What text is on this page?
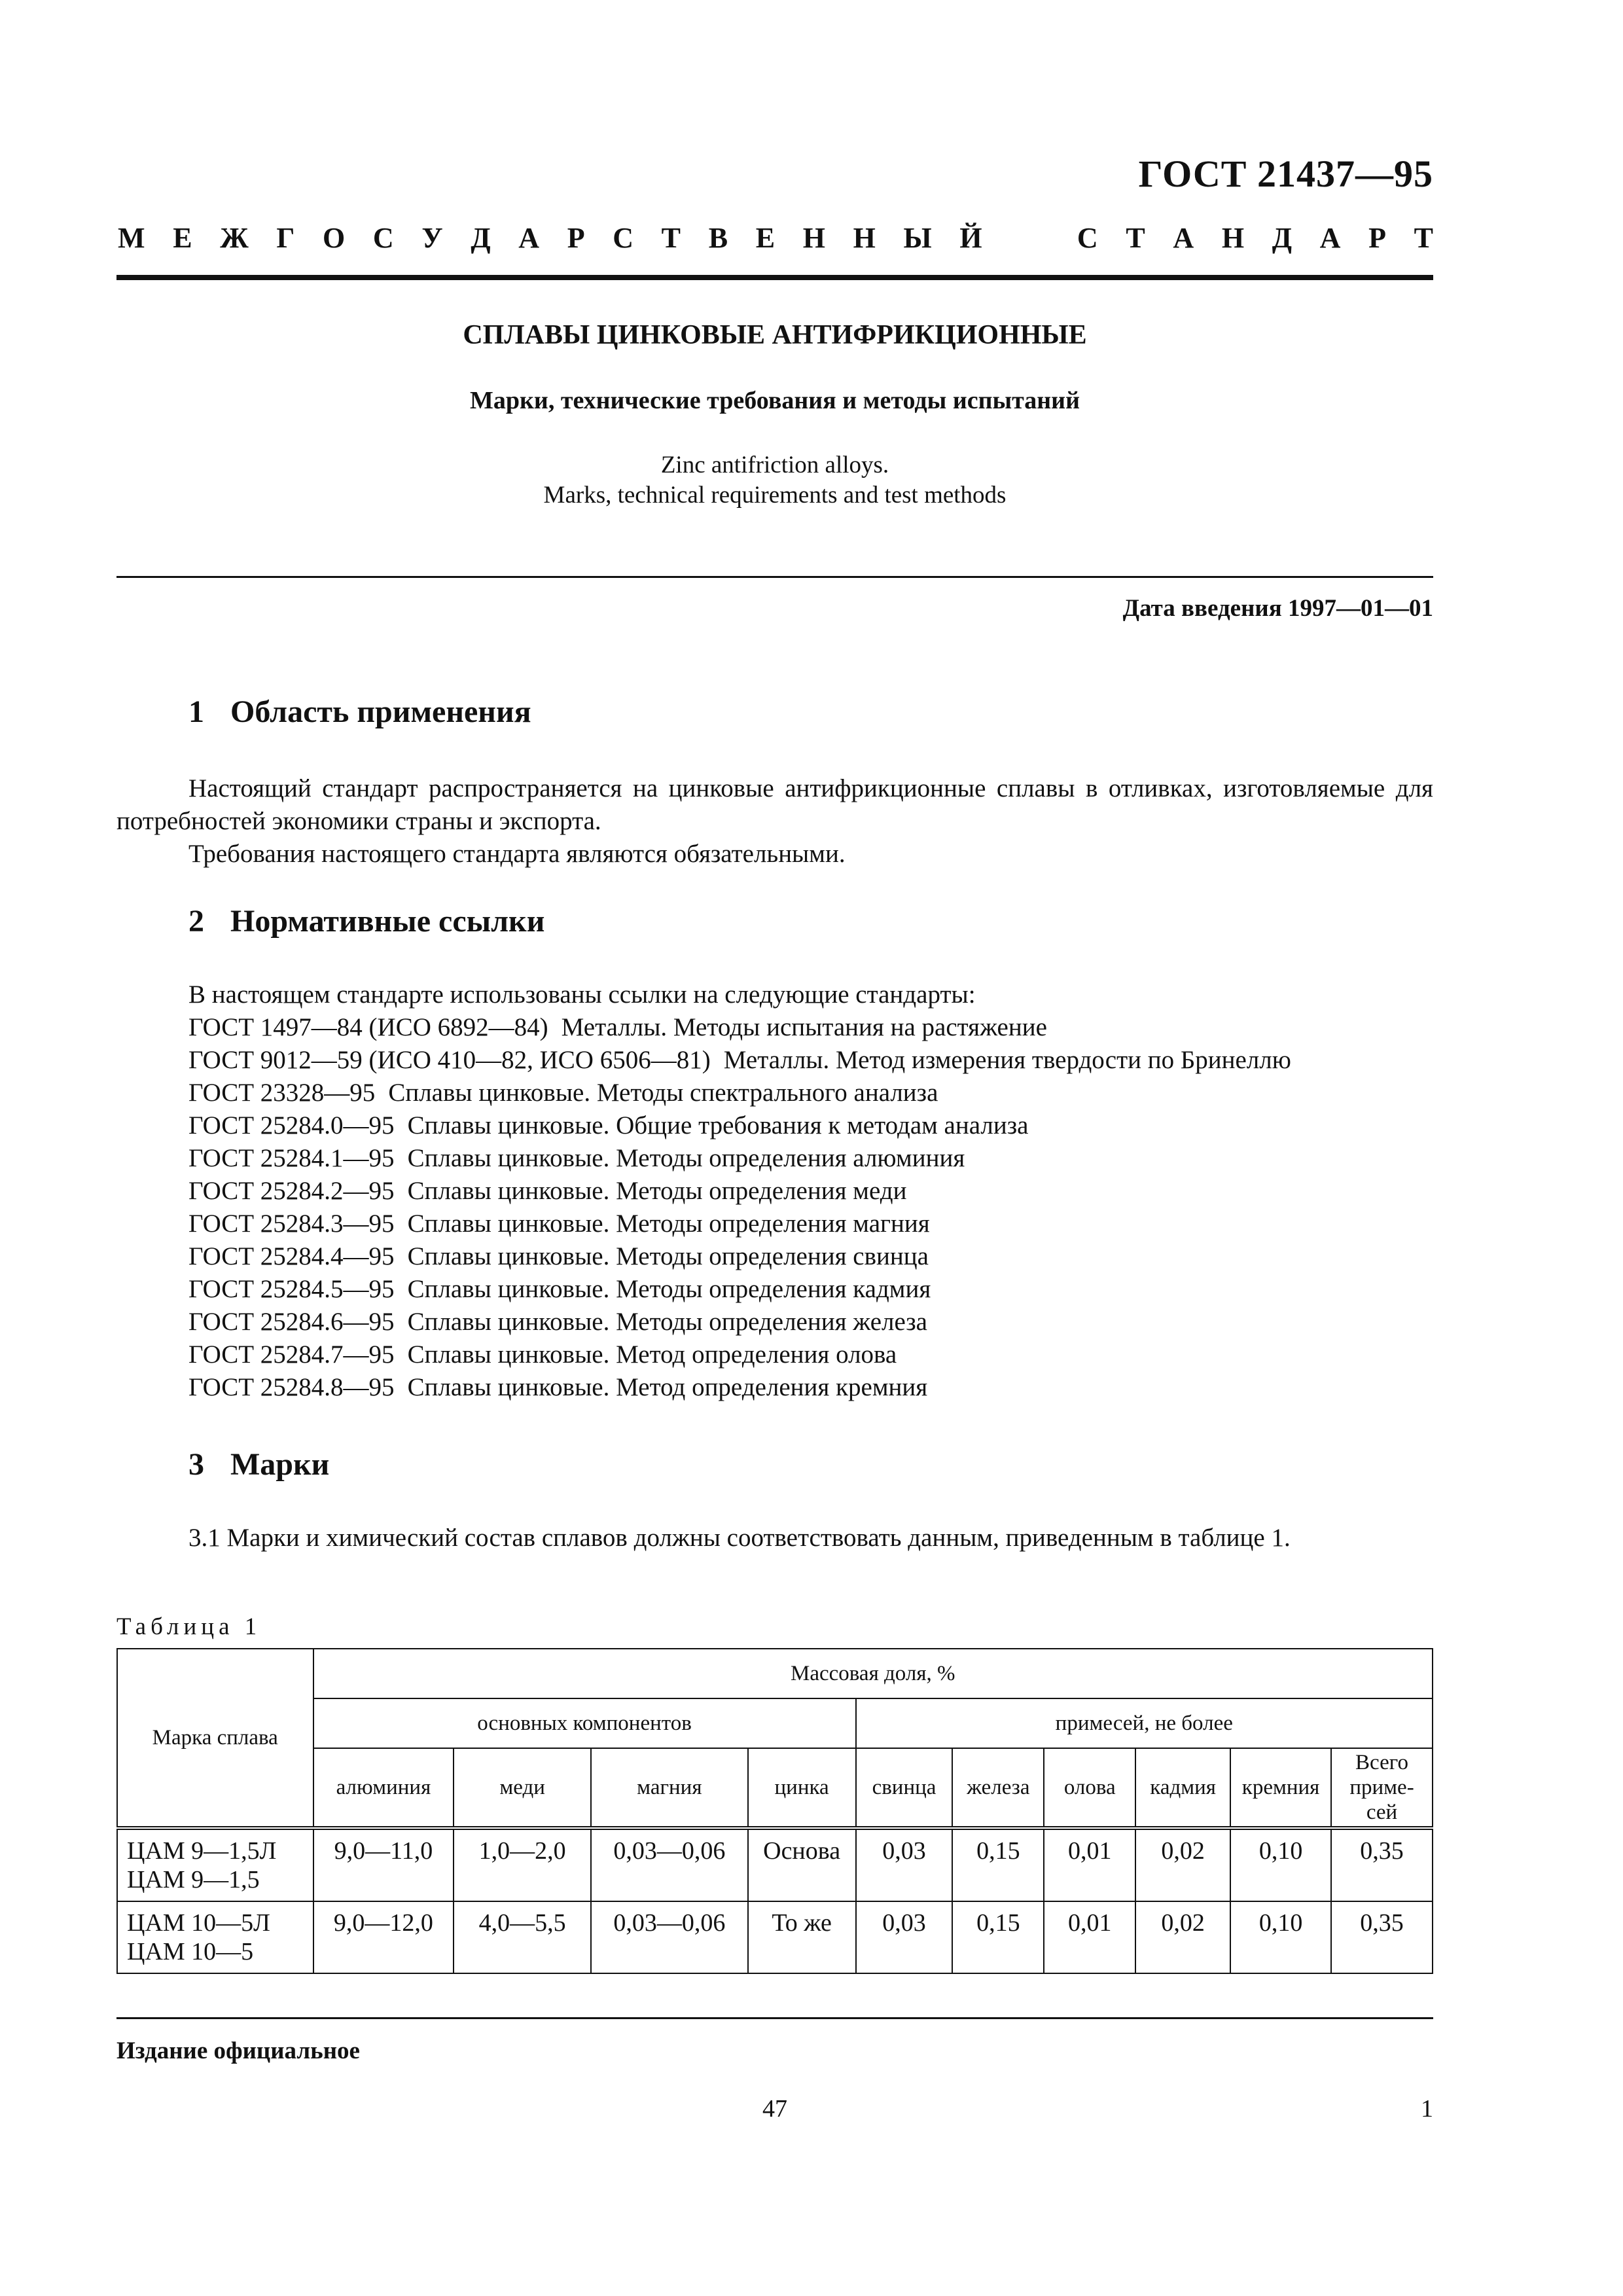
ГОСТ 21437—95
М Е Ж Г О С У Д А Р С Т В Е Н Н Ы Й	С Т А Н Д А Р Т
СПЛАВЫ ЦИНКОВЫЕ АНТИФРИКЦИОННЫЕ
Марки, технические требования и методы испытаний
Zinc antifriction alloys.
Marks, technical requirements and test methods
Дата введения 1997—01—01
1 Область применения
Настоящий стандарт распространяется на цинковые антифрикционные сплавы в отливках, изготовляемые для потребностей экономики страны и экспорта.
Требования настоящего стандарта являются обязательными.
2 Нормативные ссылки
В настоящем стандарте использованы ссылки на следующие стандарты:
ГОСТ 1497—84 (ИСО 6892—84) Металлы. Методы испытания на растяжение
ГОСТ 9012—59 (ИСО 410—82, ИСО 6506—81) Металлы. Метод измерения твердости по Бринеллю
ГОСТ 23328—95 Сплавы цинковые. Методы спектрального анализа
ГОСТ 25284.0—95 Сплавы цинковые. Общие требования к методам анализа
ГОСТ 25284.1—95 Сплавы цинковые. Методы определения алюминия
ГОСТ 25284.2—95 Сплавы цинковые. Методы определения меди
ГОСТ 25284.3—95 Сплавы цинковые. Методы определения магния
ГОСТ 25284.4—95 Сплавы цинковые. Методы определения свинца
ГОСТ 25284.5—95 Сплавы цинковые. Методы определения кадмия
ГОСТ 25284.6—95 Сплавы цинковые. Методы определения железа
ГОСТ 25284.7—95 Сплавы цинковые. Метод определения олова
ГОСТ 25284.8—95 Сплавы цинковые. Метод определения кремния
3 Марки
3.1 Марки и химический состав сплавов должны соответствовать данным, приведенным в таблице 1.
Таблица 1
Марка сплава	Массовая доля, %									
	основных компонентов				примесей, не более					
	алюминия	меди	магния	цинка	свинца	железа	олова	кадмия	кремния	Всего
приме-
сей

ЦАМ 9—1,5Л
ЦАМ 9—1,5	9,0—11,0	1,0—2,0	0,03—0,06	Основа	0,03	0,15	0,01	0,02	0,10	0,35

ЦАМ 10—5Л
ЦАМ 10—5	9,0—12,0	4,0—5,5	0,03—0,06	То же	0,03	0,15	0,01	0,02	0,10	0,35
Издание официальное
47	1
